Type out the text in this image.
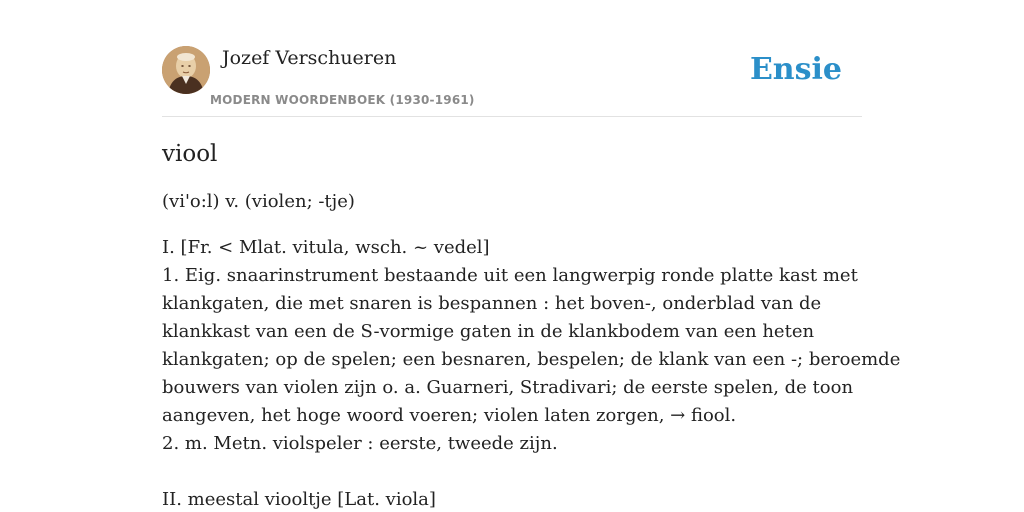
Jozef Verschueren
MODERN WOORDENBOEK (1930-1961)
Ensie
viool

(vi'o:l) v. (violen; -tje)

I. [Fr. < Mlat. vitula, wsch. ~ vedel]
1. Eig. snaarinstrument bestaande uit een langwerpig ronde platte kast met
klankgaten, die met snaren is bespannen : het boven-, onderblad van de
klankkast van een de S-vormige gaten in de klankbodem van een heten
klankgaten; op de spelen; een besnaren, bespelen; de klank van een -; beroemde
bouwers van violen zijn o. a. Guarneri, Stradivari; de eerste spelen, de toon
aangeven, het hoge woord voeren; violen laten zorgen, → fiool.
2. m. Metn. violspeler : eerste, tweede zijn.
II. meestal viooltje [Lat. viola]
